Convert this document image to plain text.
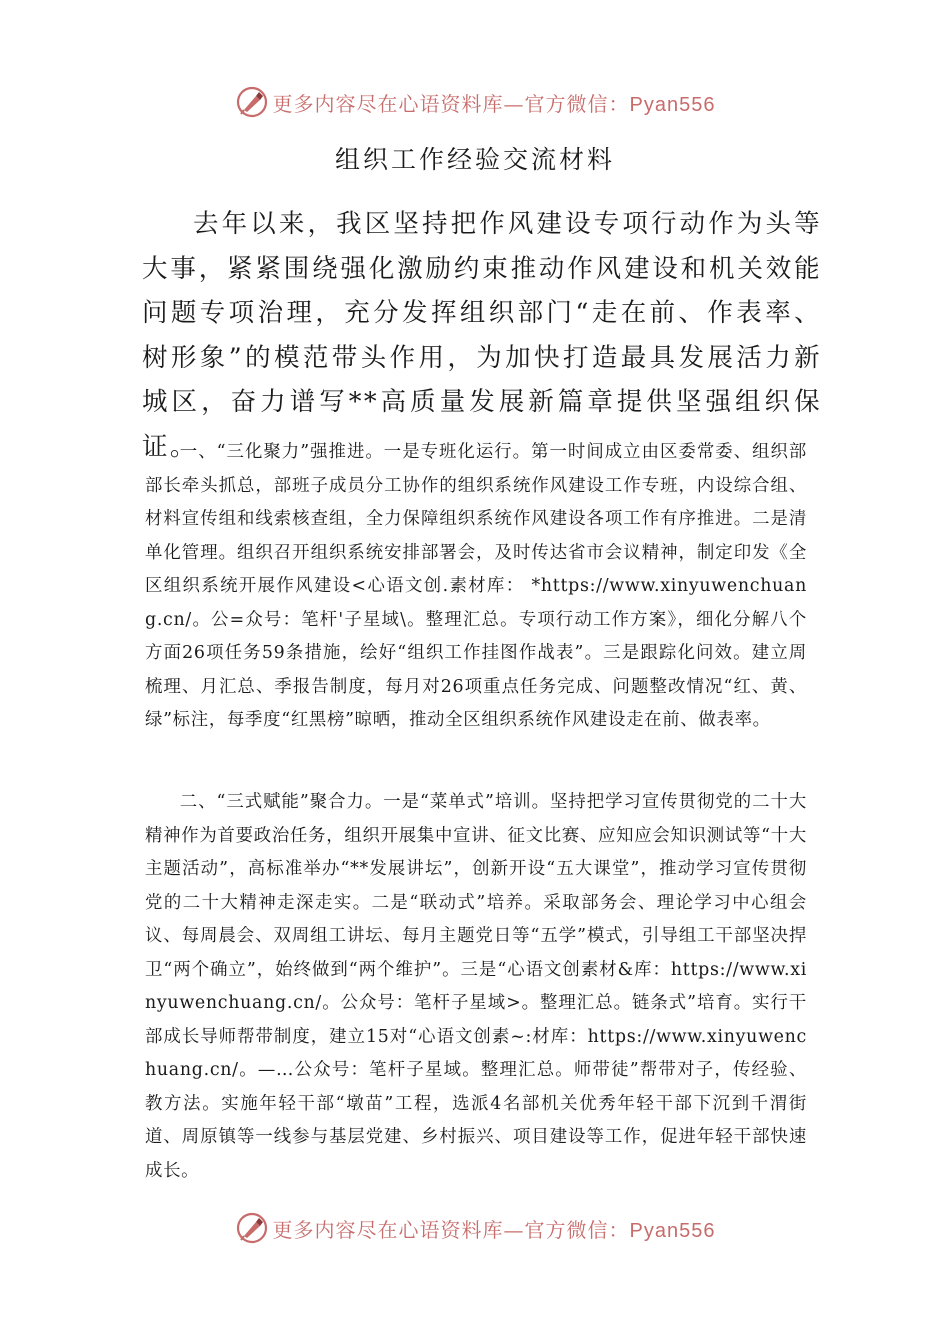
更多内容尽在心语资料库—官方微信：Pyan556
组织工作经验交流材料

去年以来，我区坚持把作风建设专项行动作为头等大事，紧紧围绕强化激励约束推动作风建设和机关效能问题专项治理，充分发挥组织部门“走在前、作表率、树形象”的模范带头作用，为加快打造最具发展活力新城区，奋力谱写**高质量发展新篇章提供坚强组织保证。

一、“三化聚力”强推进。一是专班化运行。第一时间成立由区委常委、组织部部长牵头抓总，部班子成员分工协作的组织系统作风建设工作专班，内设综合组、材料宣传组和线索核查组，全力保障组织系统作风建设各项工作有序推进。二是清单化管理。组织召开组织系统安排部署会，及时传达省市会议精神，制定印发《全区组织系统开展作风建设<心语文创.素材库： *https://www.xinyuwenchuang.cn/。公=众号：笔杆'子星域\。整理汇总。专项行动工作方案》，细化分解八个方面26项任务59条措施，绘好“组织工作挂图作战表”。三是跟踪化问效。建立周梳理、月汇总、季报告制度，每月对26项重点任务完成、问题整改情况“红、黄、绿”标注，每季度“红黑榜”晾晒，推动全区组织系统作风建设走在前、做表率。

二、“三式赋能”聚合力。一是“菜单式”培训。坚持把学习宣传贯彻党的二十大精神作为首要政治任务，组织开展集中宣讲、征文比赛、应知应会知识测试等“十大主题活动”，高标准举办“**发展讲坛”，创新开设“五大课堂”，推动学习宣传贯彻党的二十大精神走深走实。二是“联动式”培养。采取部务会、理论学习中心组会议、每周晨会、双周组工讲坛、每月主题党日等“五学”模式，引导组工干部坚决捍卫“两个确立”，始终做到“两个维护”。三是“心语文创素材&库：https://www.xinyuwenchuang.cn/。公众号：笔杆子星域>。整理汇总。链条式”培育。实行干部成长导师帮带制度，建立15对“心语文创素~:材库：https://www.xinyuwenchuang.cn/。—…公众号：笔杆子星域。整理汇总。师带徒”帮带对子，传经验、教方法。实施年轻干部“墩苗”工程，选派4名部机关优秀年轻干部下沉到千渭街道、周原镇等一线参与基层党建、乡村振兴、项目建设等工作，促进年轻干部快速成长。

更多内容尽在心语资料库—官方微信：Pyan556
